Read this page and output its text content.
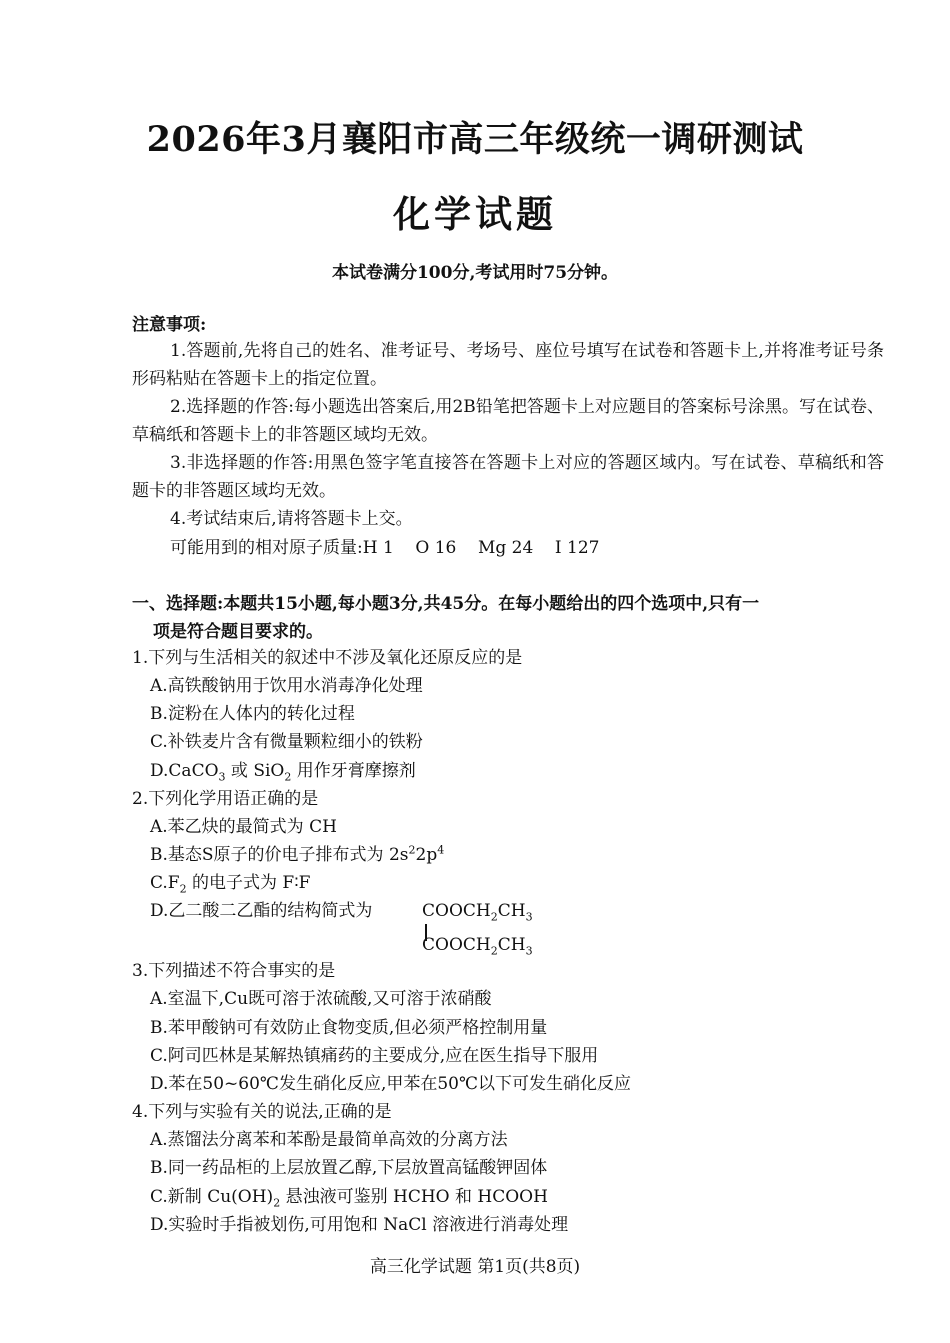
2026年3月襄阳市高三年级统一调研测试
化学试题
本试卷满分100分,考试用时75分钟。
注意事项:

1.答题前,先将自己的姓名、准考证号、考场号、座位号填写在试卷和答题卡上,并将准考证号条形码粘贴在答题卡上的指定位置。

2.选择题的作答:每小题选出答案后,用2B铅笔把答题卡上对应题目的答案标号涂黑。写在试卷、草稿纸和答题卡上的非答题区域均无效。

3.非选择题的作答:用黑色签字笔直接答在答题卡上对应的答题区域内。写在试卷、草稿纸和答题卡的非答题区域均无效。

4.考试结束后,请将答题卡上交。

可能用到的相对原子质量:H 1    O 16    Mg 24    I 127
一、选择题:本题共15小题,每小题3分,共45分。在每小题给出的四个选项中,只有一
项是符合题目要求的。
1.下列与生活相关的叙述中不涉及氧化还原反应的是
A.高铁酸钠用于饮用水消毒净化处理
B.淀粉在人体内的转化过程
C.补铁麦片含有微量颗粒细小的铁粉
D.CaCO$_3$ 或 SiO$_2$ 用作牙膏摩擦剂
2.下列化学用语正确的是
A.苯乙炔的最简式为 CH
B.基态S原子的价电子排布式为 $2s^22p^4$
$C.F_2$ 的电子式为 F∶F
D.乙二酸二乙酯的结构简式为	$COOCH_2CH_3$
$COOCH_2CH_3$
3.下列描述不符合事实的是
A.室温下,Cu既可溶于浓硫酸,又可溶于浓硝酸
B.苯甲酸钠可有效防止食物变质,但必须严格控制用量
C.阿司匹林是某解热镇痛药的主要成分,应在医生指导下服用
D.苯在50~60℃发生硝化反应,甲苯在50℃以下可发生硝化反应
4.下列与实验有关的说法,正确的是
A.蒸馏法分离苯和苯酚是最简单高效的分离方法
B.同一药品柜的上层放置乙醇,下层放置高锰酸钾固体
C.新制 $Cu(OH)_2$ 悬浊液可鉴别 HCHO 和 HCOOH
D.实验时手指被划伤,可用饱和 NaCl 溶液进行消毒处理
高三化学试题 第1页(共8页)
